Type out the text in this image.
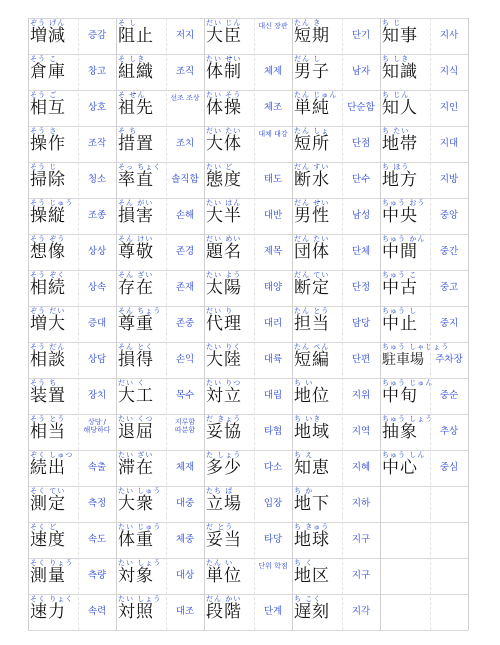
ぞう げん
増減	증감
そう こ
倉庫	창고
そう ご
相互	상호
そう さ
操作	조작
そう じ
掃除	청소
そう じゅう
操縦	조종
そう ぞう
想像	상상
そう ぞく
相続	상속
ぞう だい
増大	증대
そう だん
相談	상담
そう ち
装置	장치
そう とう
相当	상당 / 해당하다
ぞく しゅつ
続出	속출
そく てい
測定	측정
そく ど
速度	속도
そく りょう
測量	측량
そく りょく
速力	속력
そ し
阻止	저지
そ しき
組織	조직
そ せん
祖先	선조 조상
そ ち
措置	조치
そっ ちょく
率直	솔직함
そん がい
損害	손해
そん けい
尊敬	존경
そん ざい
存在	존재
そん ちょう
尊重	존중
そん とく
損得	손익
だい く
大工	목수
たい くつ
退屈	지루함 따분함
たい ざい
滞在	체재
たい しゅう
大衆	대중
たい じゅう
体重	체중
たい しょう
対象	대상
たい しょう
対照	대조
だい じん
大臣	대신 장관
たい せい
体制	체제
たい そう
体操	체조
だい たい
大体	대체 대강
たい ど
態度	태도
たい はん
大半	대반
だい めい
題名	제목
たい よう
太陽	태양
だい り
代理	대리
たい りく
大陸	대륙
たい りつ
対立	대립
だ きょう
妥協	타협
た しょう
多少	다소
たち ば
立場	입장
だ とう
妥当	타당
たん い
単位	단위 학점
だん かい
段階	단계
たん き
短期	단기
だん し
男子	남자
たん じゅん
単純	단순함
たん しょ
短所	단점
だん すい
断水	단수
だん せい
男性	남성
だん たい
団体	단체
だん てい
断定	단정
たん とう
担当	담당
たん ぺん
短編	단편
ち い
地位	지위
ち いき
地域	지역
ち え
知恵	지혜
ち か
地下	지하
ち きゅう
地球	지구
ち く
地区	지구
ち こく
遅刻	지각
ち じ
知事	지사
ち しき
知識	지식
ち じん
知人	지인
ち たい
地帯	지대
ち ほう
地方	지방
ちゅう おう
中央	중앙
ちゅう かん
中間	중간
ちゅう こ
中古	중고
ちゅう し
中止	중지
ちゅう しゃじょう
駐車場	주차장
ちゅう じゅん
中旬	중순
ちゅう しょう
抽象	추상
ちゅう しん
中心	중심
